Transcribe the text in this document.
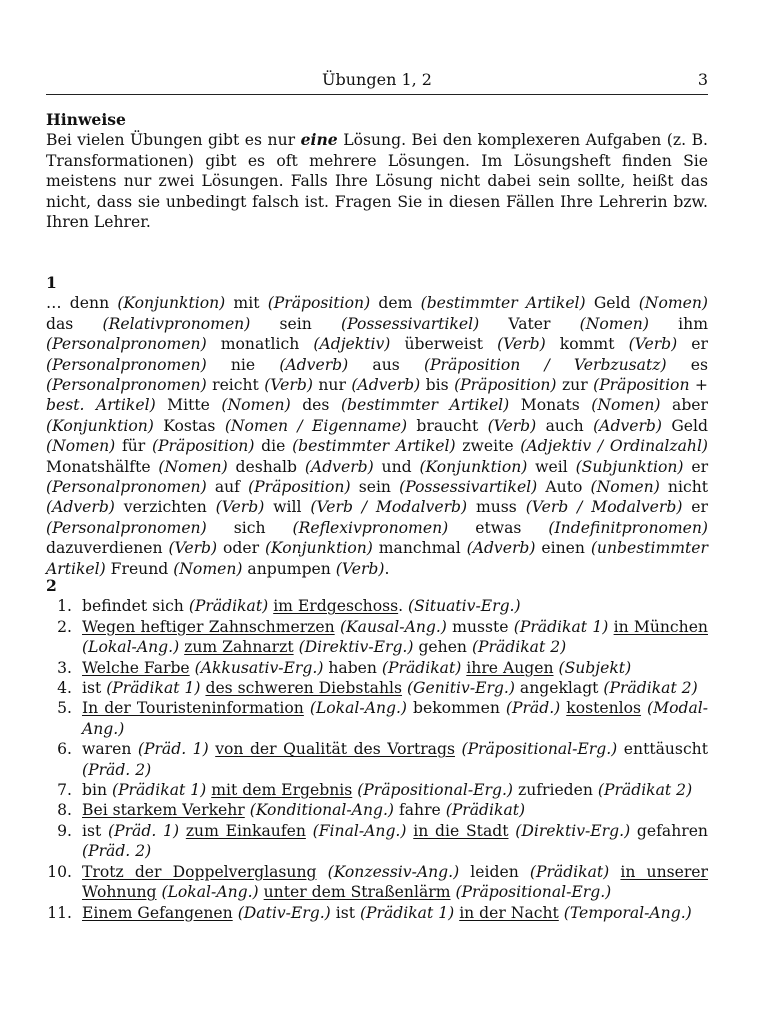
Übungen 1, 2	3
Hinweise
Bei vielen Übungen gibt es nur eine Lösung. Bei den komplexeren Aufgaben (z. B. Transformationen) gibt es oft mehrere Lösungen. Im Lösungsheft finden Sie meistens nur zwei Lösungen. Falls Ihre Lösung nicht dabei sein sollte, heißt das nicht, dass sie unbedingt falsch ist. Fragen Sie in diesen Fällen Ihre Lehrerin bzw. Ihren Lehrer.
1
… denn (Konjunktion) mit (Präposition) dem (bestimmter Artikel) Geld (Nomen) das (Relativpronomen) sein (Possessivartikel) Vater (Nomen) ihm (Personalpronomen) monatlich (Adjektiv) überweist (Verb) kommt (Verb) er (Personalpronomen) nie (Adverb) aus (Präposition / Verbzusatz) es (Personalpronomen) reicht (Verb) nur (Adverb) bis (Präposition) zur (Präposition + best. Artikel) Mitte (Nomen) des (bestimmter Artikel) Monats (Nomen) aber (Konjunktion) Kostas (Nomen / Eigenname) braucht (Verb) auch (Adverb) Geld (Nomen) für (Präposition) die (bestimmter Artikel) zweite (Adjektiv / Ordinalzahl) Monatshälfte (Nomen) deshalb (Adverb) und (Konjunktion) weil (Subjunktion) er (Personalpronomen) auf (Präposition) sein (Possessivartikel) Auto (Nomen) nicht (Adverb) verzichten (Verb) will (Verb / Modalverb) muss (Verb / Modalverb) er (Personalpronomen) sich (Reflexivpronomen) etwas (Indefinitpronomen) dazuverdienen (Verb) oder (Konjunktion) manchmal (Adverb) einen (unbestimmter Artikel) Freund (Nomen) anpumpen (Verb).
2
1. befindet sich (Prädikat) im Erdgeschoss. (Situativ-Erg.)
2. Wegen heftiger Zahnschmerzen (Kausal-Ang.) musste (Prädikat 1) in München (Lokal-Ang.) zum Zahnarzt (Direktiv-Erg.) gehen (Prädikat 2)
3. Welche Farbe (Akkusativ-Erg.) haben (Prädikat) ihre Augen (Subjekt)
4. ist (Prädikat 1) des schweren Diebstahls (Genitiv-Erg.) angeklagt (Prädikat 2)
5. In der Touristeninformation (Lokal-Ang.) bekommen (Präd.) kostenlos (Modal-Ang.)
6. waren (Präd. 1) von der Qualität des Vortrags (Präpositional-Erg.) enttäuscht (Präd. 2)
7. bin (Prädikat 1) mit dem Ergebnis (Präpositional-Erg.) zufrieden (Prädikat 2)
8. Bei starkem Verkehr (Konditional-Ang.) fahre (Prädikat)
9. ist (Präd. 1) zum Einkaufen (Final-Ang.) in die Stadt (Direktiv-Erg.) gefahren (Präd. 2)
10. Trotz der Doppelverglasung (Konzessiv-Ang.) leiden (Prädikat) in unserer Wohnung (Lokal-Ang.) unter dem Straßenlärm (Präpositional-Erg.)
11. Einem Gefangenen (Dativ-Erg.) ist (Prädikat 1) in der Nacht (Temporal-Ang.)
